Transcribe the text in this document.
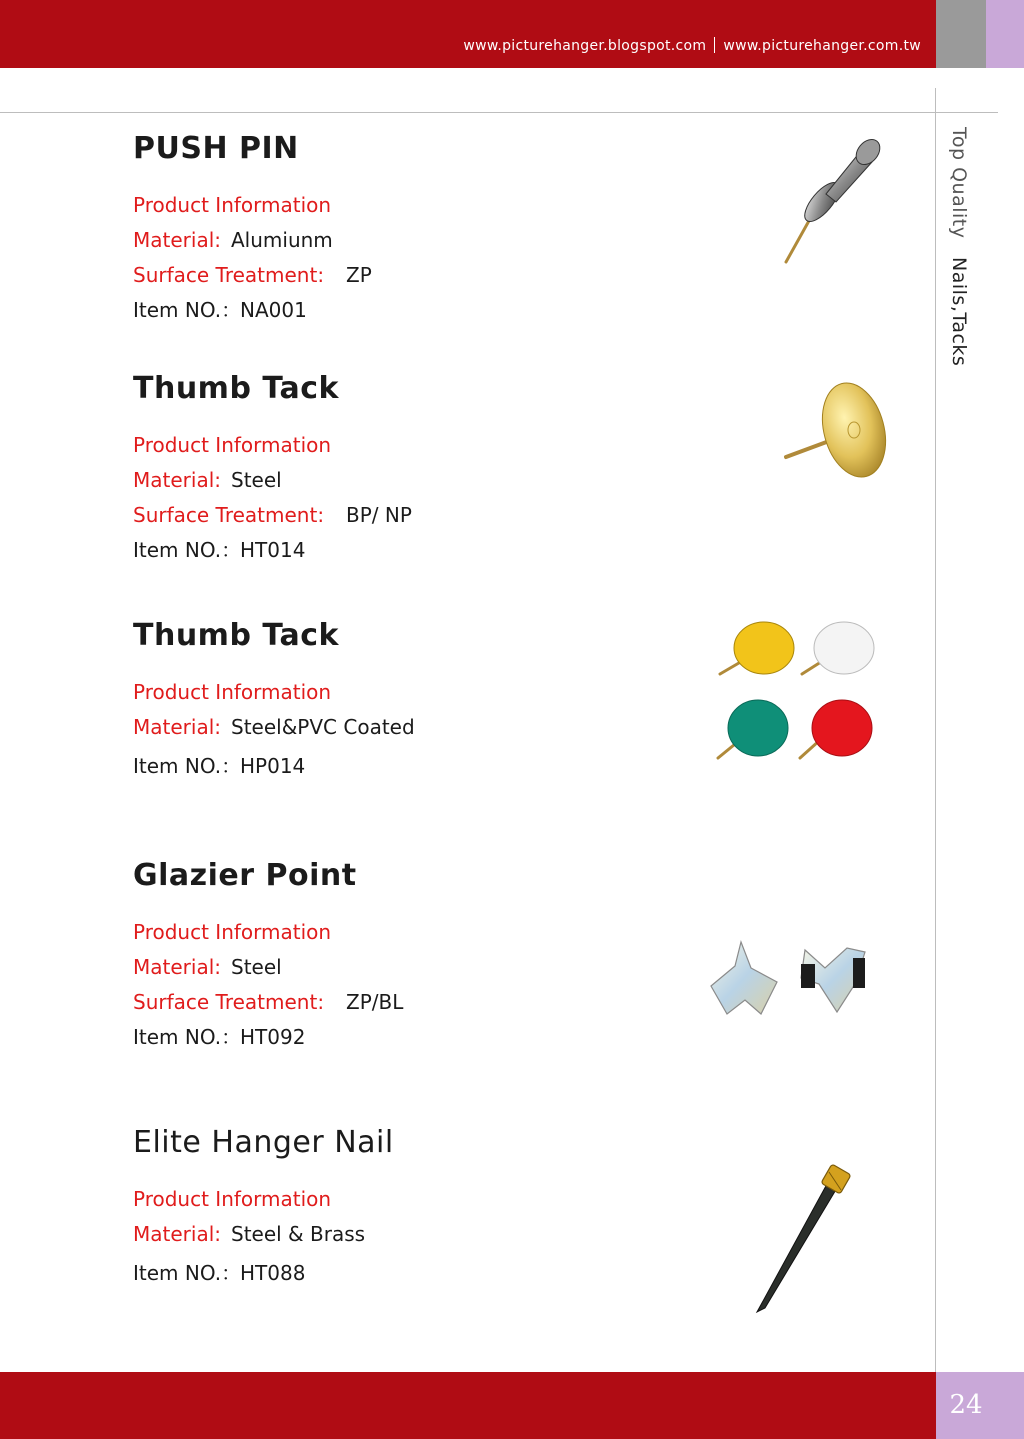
www.picturehanger.blogspot.com www.picturehanger.com.tw
Top Quality Nails,Tacks
PUSH PIN
Product Information
Material: Alumiunm
Surface Treatment: ZP
Item NO.：NA001
Thumb Tack
Product Information
Material: Steel
Surface Treatment: BP/ NP
Item NO.：HT014
Thumb Tack
Product Information
Material: Steel&PVC Coated
Item NO.：HP014
Glazier Point
Product Information
Material: Steel
Surface Treatment: ZP/BL
Item NO.：HT092
Elite Hanger Nail
Product Information
Material: Steel & Brass
Item NO.：HT088
24
